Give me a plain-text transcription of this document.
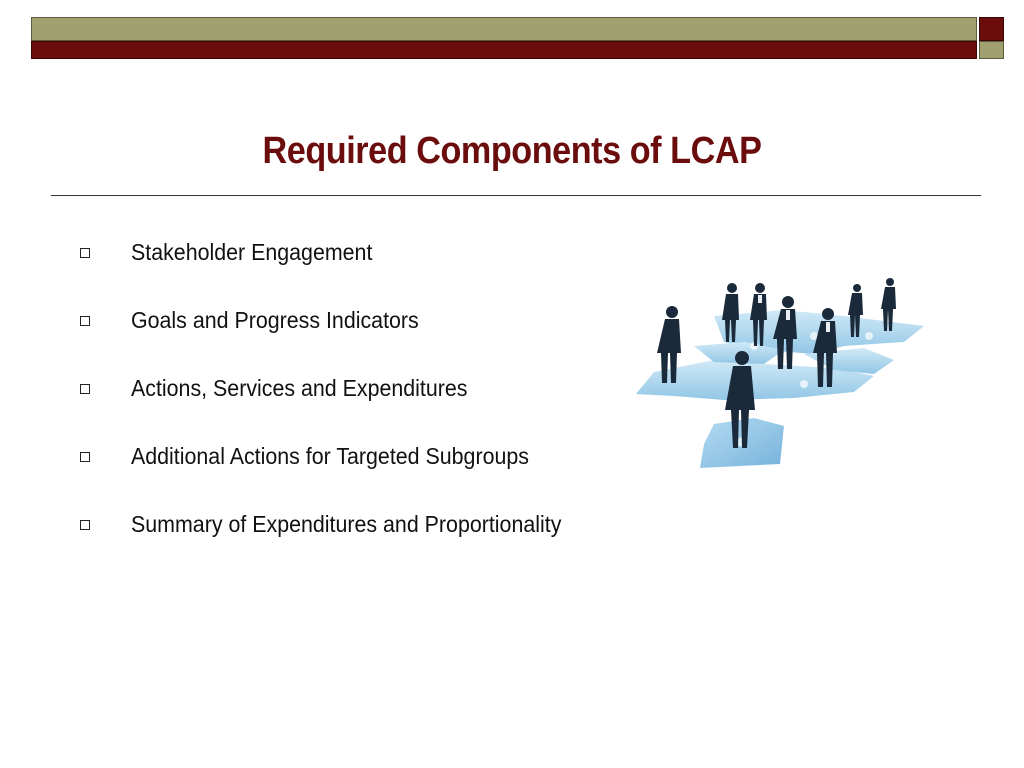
Required Components of LCAP
Stakeholder Engagement
Goals and Progress Indicators
Actions, Services and Expenditures
Additional Actions for Targeted Subgroups
Summary of Expenditures and Proportionality
